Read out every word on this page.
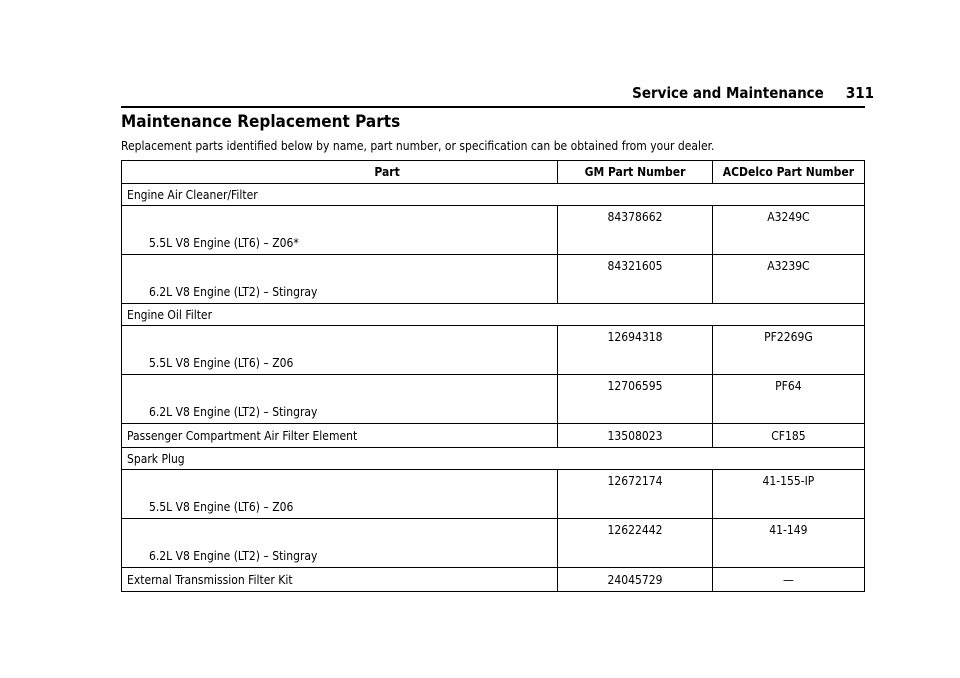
Service and Maintenance 311
Maintenance Replacement Parts
Replacement parts identified below by name, part number, or specification can be obtained from your dealer.
Part	GM Part Number	ACDelco Part Number
Engine Air Cleaner/Filter		
5.5L V8 Engine (LT6) – Z06*	84378662	A3249C
6.2L V8 Engine (LT2) – Stingray	84321605	A3239C
Engine Oil Filter		
5.5L V8 Engine (LT6) – Z06	12694318	PF2269G
6.2L V8 Engine (LT2) – Stingray	12706595	PF64
Passenger Compartment Air Filter Element	13508023	CF185
Spark Plug		
5.5L V8 Engine (LT6) – Z06	12672174	41-155-IP
6.2L V8 Engine (LT2) – Stingray	12622442	41-149
External Transmission Filter Kit	24045729	—
